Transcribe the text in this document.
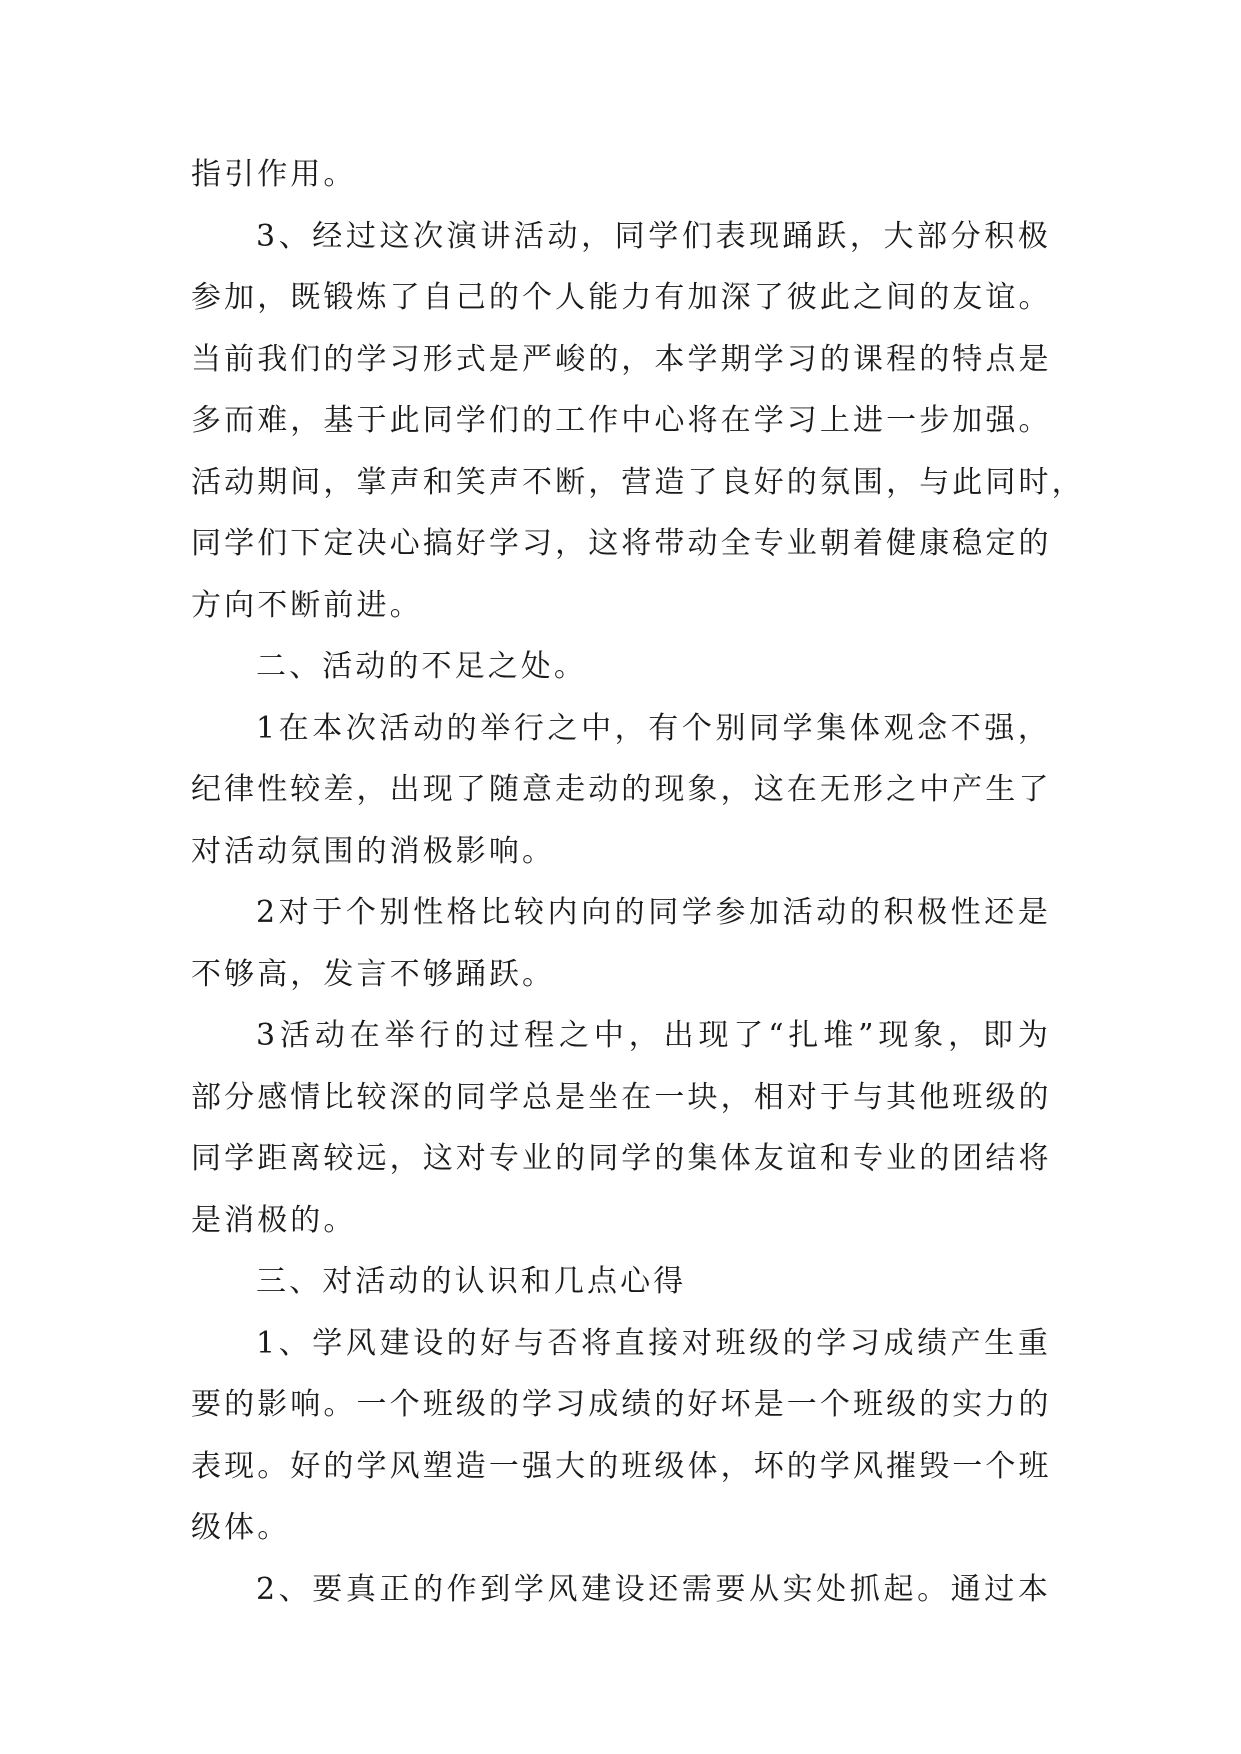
指引作用。
3、经过这次演讲活动，同学们表现踊跃，大部分积极
参加，既锻炼了自己的个人能力有加深了彼此之间的友谊。
当前我们的学习形式是严峻的，本学期学习的课程的特点是
多而难，基于此同学们的工作中心将在学习上进一步加强。
活动期间，掌声和笑声不断，营造了良好的氛围，与此同时，
同学们下定决心搞好学习，这将带动全专业朝着健康稳定的
方向不断前进。
二、活动的不足之处。
1在本次活动的举行之中，有个别同学集体观念不强，
纪律性较差，出现了随意走动的现象，这在无形之中产生了
对活动氛围的消极影响。
2对于个别性格比较内向的同学参加活动的积极性还是
不够高，发言不够踊跃。
3活动在举行的过程之中，出现了“扎堆”现象，即为
部分感情比较深的同学总是坐在一块，相对于与其他班级的
同学距离较远，这对专业的同学的集体友谊和专业的团结将
是消极的。
三、对活动的认识和几点心得
1、学风建设的好与否将直接对班级的学习成绩产生重
要的影响。一个班级的学习成绩的好坏是一个班级的实力的
表现。好的学风塑造一强大的班级体，坏的学风摧毁一个班
级体。
2、要真正的作到学风建设还需要从实处抓起。通过本
